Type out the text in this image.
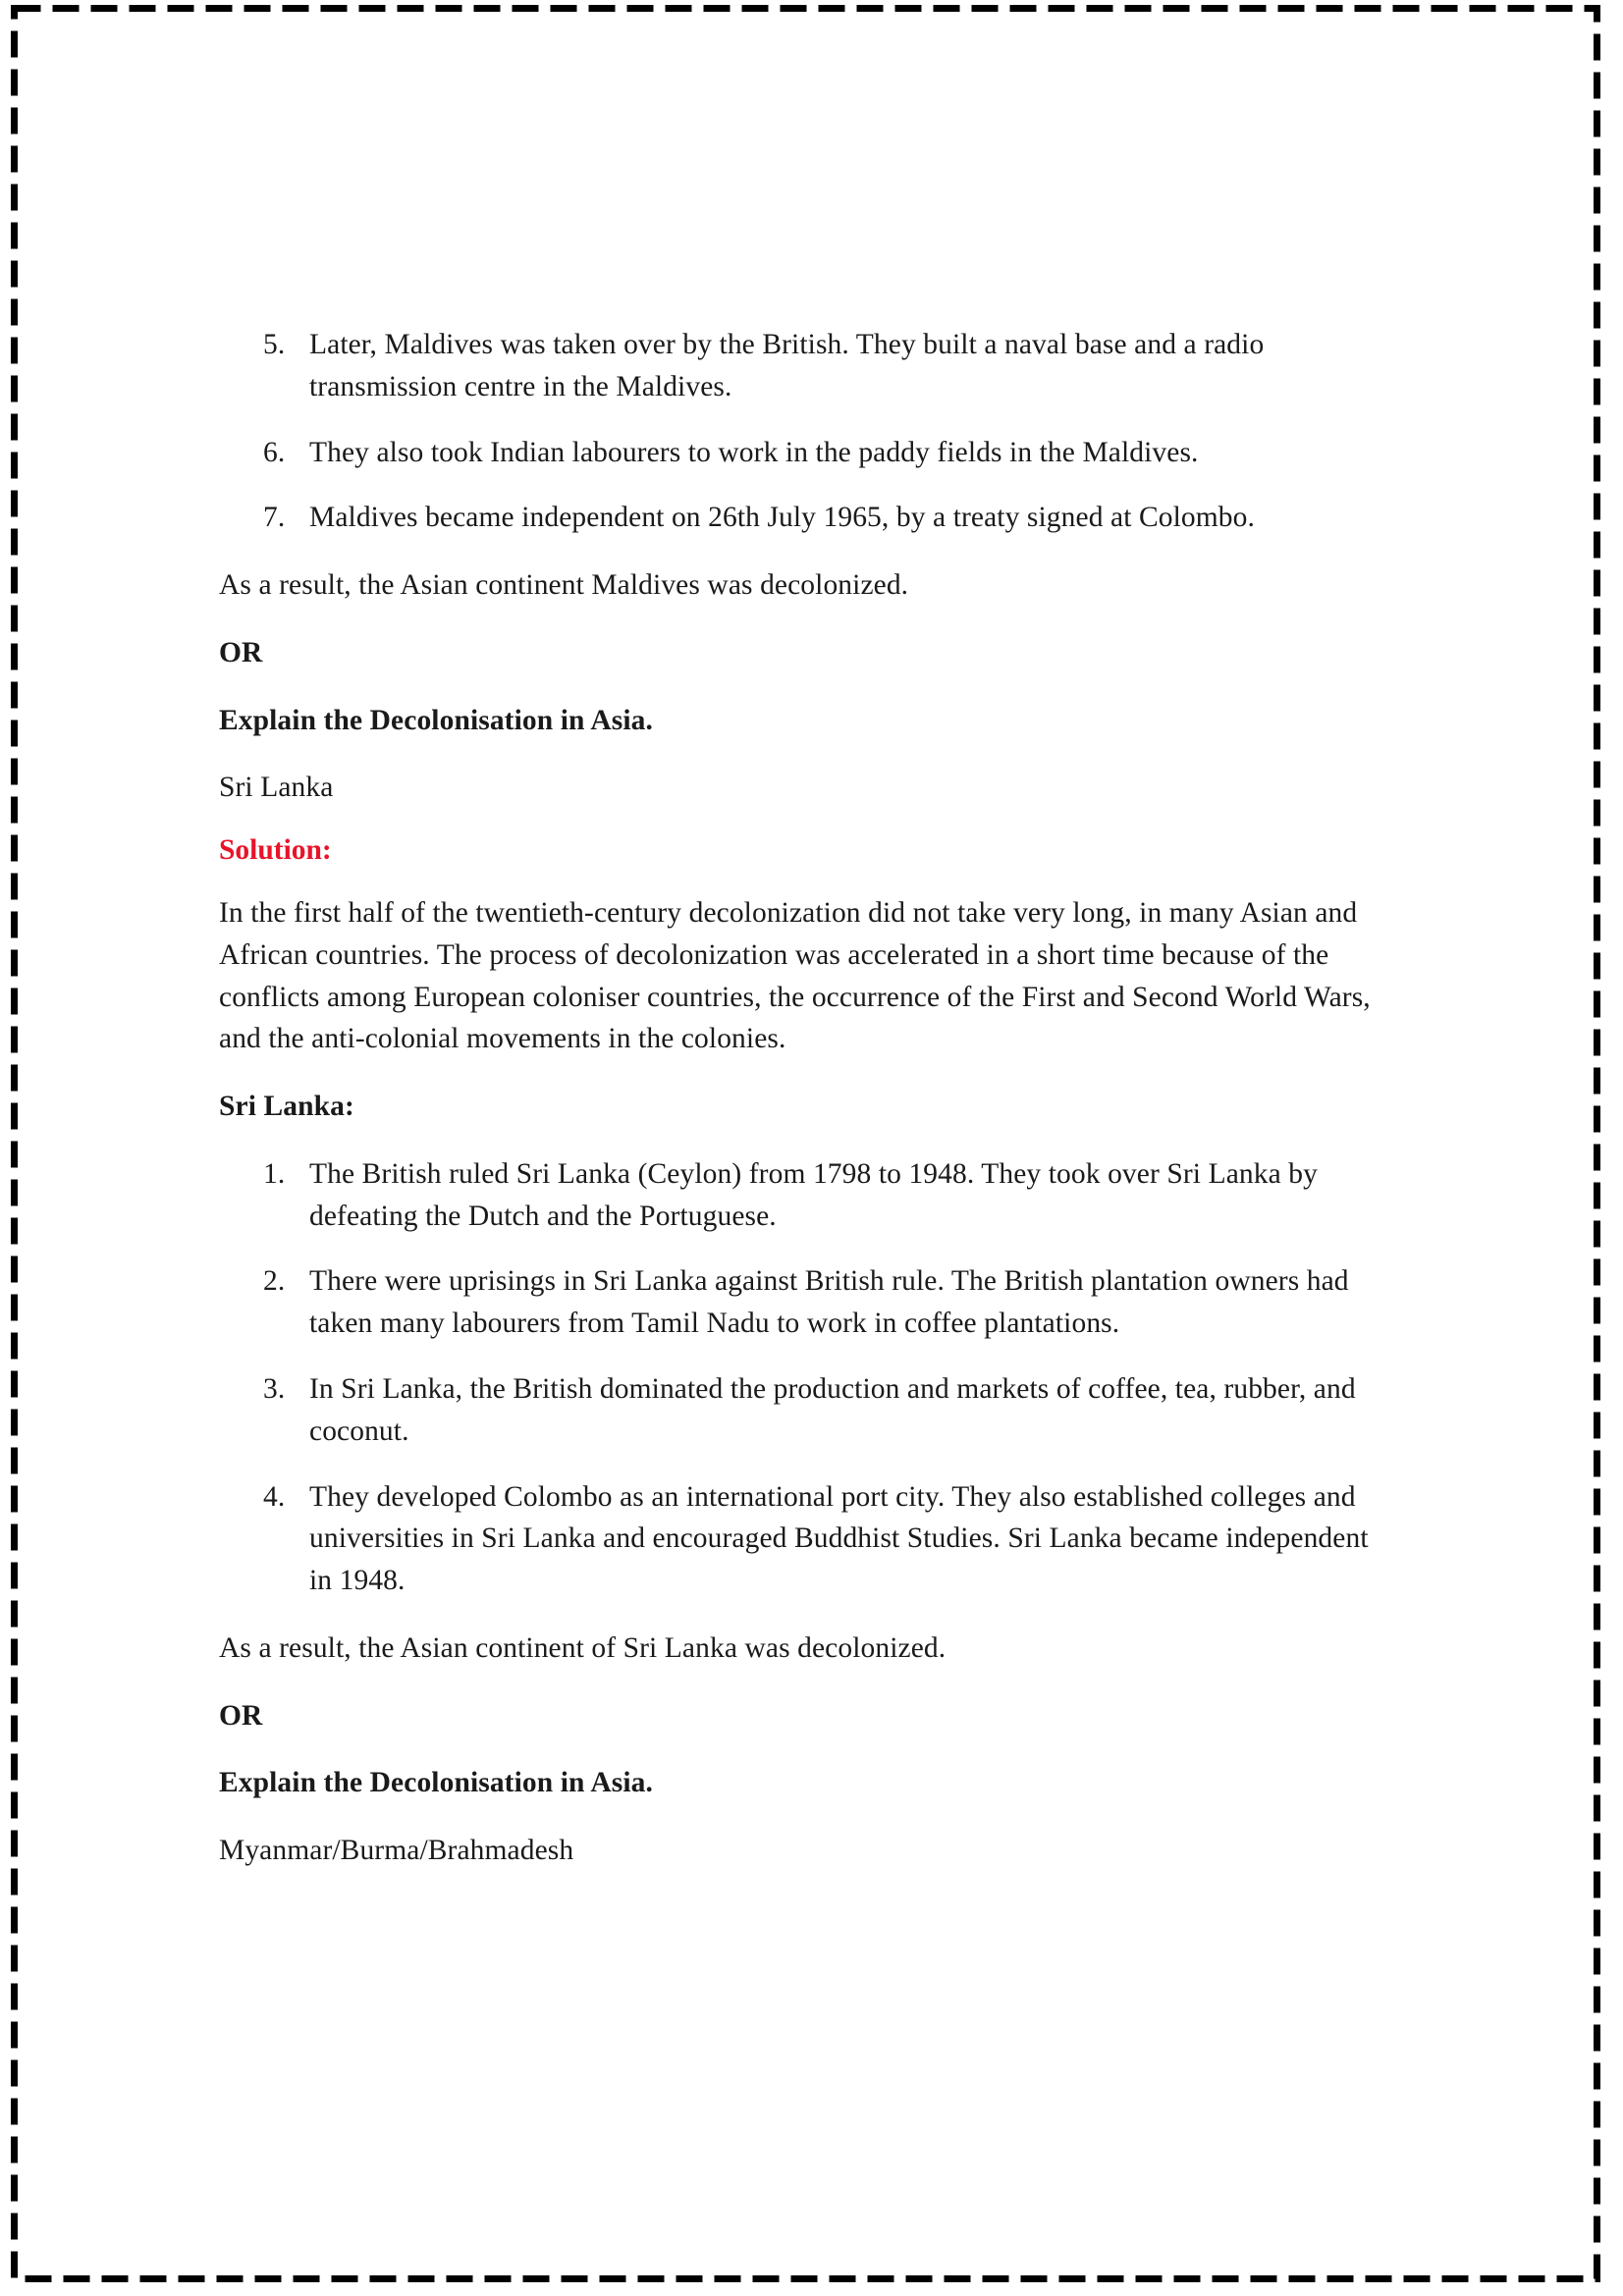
5. Later, Maldives was taken over by the British. They built a naval base and a radio transmission centre in the Maldives.
6. They also took Indian labourers to work in the paddy fields in the Maldives.
7. Maldives became independent on 26th July 1965, by a treaty signed at Colombo.

As a result, the Asian continent Maldives was decolonized.

OR

Explain the Decolonisation in Asia.

Sri Lanka

Solution:

In the first half of the twentieth-century decolonization did not take very long, in many Asian and African countries. The process of decolonization was accelerated in a short time because of the conflicts among European coloniser countries, the occurrence of the First and Second World Wars, and the anti-colonial movements in the colonies.

Sri Lanka:

1. The British ruled Sri Lanka (Ceylon) from 1798 to 1948. They took over Sri Lanka by defeating the Dutch and the Portuguese.
2. There were uprisings in Sri Lanka against British rule. The British plantation owners had taken many labourers from Tamil Nadu to work in coffee plantations.
3. In Sri Lanka, the British dominated the production and markets of coffee, tea, rubber, and coconut.
4. They developed Colombo as an international port city. They also established colleges and universities in Sri Lanka and encouraged Buddhist Studies. Sri Lanka became independent in 1948.

As a result, the Asian continent of Sri Lanka was decolonized.

OR

Explain the Decolonisation in Asia.

Myanmar/Burma/Brahmadesh
